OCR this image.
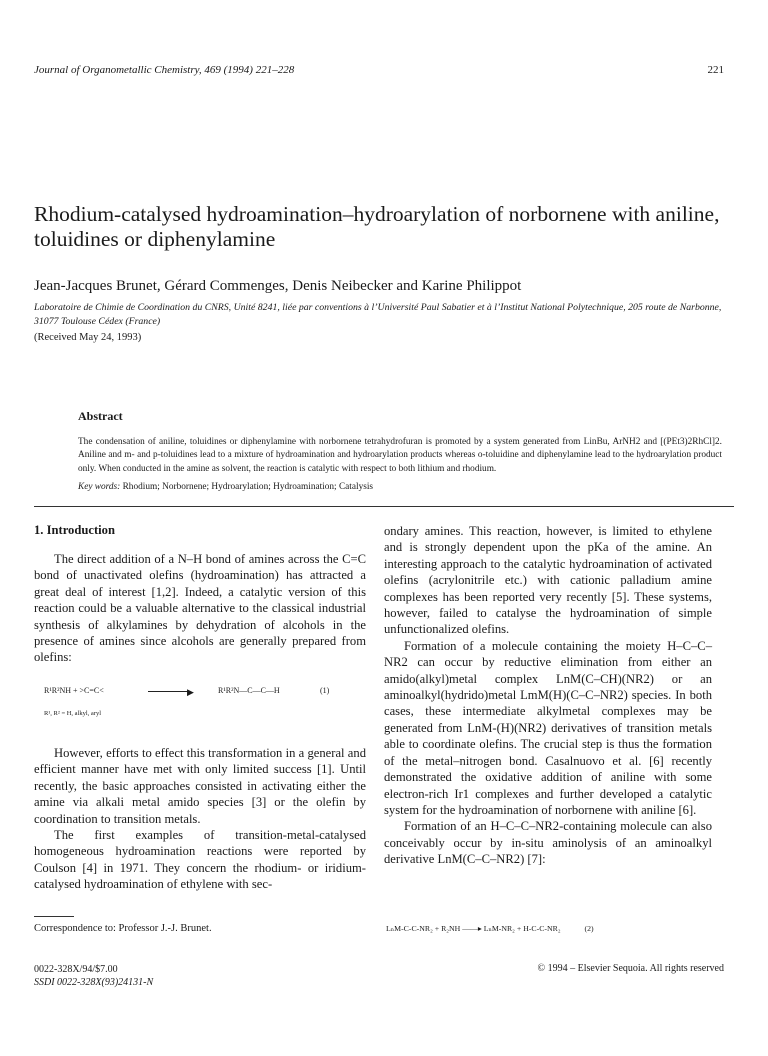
Journal of Organometallic Chemistry, 469 (1994) 221–228	221
Rhodium-catalysed hydroamination–hydroarylation of norbornene with aniline, toluidines or diphenylamine
Jean-Jacques Brunet, Gérard Commenges, Denis Neibecker and Karine Philippot
Laboratoire de Chimie de Coordination du CNRS, Unité 8241, liée par conventions à l’Université Paul Sabatier et à l’Institut National Polytechnique, 205 route de Narbonne, 31077 Toulouse Cédex (France)
(Received May 24, 1993)
Abstract
The condensation of aniline, toluidines or diphenylamine with norbornene tetrahydrofuran is promoted by a system generated from LinBu, ArNH2 and [(PEt3)2RhCl]2. Aniline and m- and p-toluidines lead to a mixture of hydroamination and hydroarylation products whereas o-toluidine and diphenylamine lead to the hydroarylation product only. When conducted in the amine as solvent, the reaction is catalytic with respect to both lithium and rhodium.
Key words: Rhodium; Norbornene; Hydroarylation; Hydroamination; Catalysis
1. Introduction

The direct addition of a N–H bond of amines across the C=C bond of unactivated olefins (hydroamination) has attracted a great deal of interest [1,2]. Indeed, a catalytic version of this reaction could be a valuable alternative to the classical industrial synthesis of alkylamines by dehydration of alcohols in the presence of amines since alcohols are generally prepared from olefins:

R¹R²NH + >C=C<	▶	R¹R²N—C—C—H	(1)
R¹, R² = H, alkyl, aryl

However, efforts to effect this transformation in a general and efficient manner have met with only limited success [1]. Until recently, the basic approaches consisted in activating either the amine via alkali metal amido species [3] or the olefin by coordination to transition metals.

The first examples of transition-metal-catalysed homogeneous hydroamination reactions were reported by Coulson [4] in 1971. They concern the rhodium- or iridium-catalysed hydroamination of ethylene with sec-

ondary amines. This reaction, however, is limited to ethylene and is strongly dependent upon the pKa of the amine. An interesting approach to the catalytic hydroamination of activated olefins (acrylonitrile etc.) with cationic palladium amine complexes has been reported very recently [5]. These systems, however, failed to catalyse the hydroamination of simple unfunctionalized olefins.

Formation of a molecule containing the moiety H–C–C–NR2 can occur by reductive elimination from either an amido(alkyl)metal complex LnM(C–CH)(NR2) or an aminoalkyl(hydrido)metal LmM(H)(C–C–NR2) species. In both cases, these intermediate alkylmetal complexes may be generated from LnM-(H)(NR2) derivatives of transition metals able to coordinate olefins. The crucial step is thus the formation of the metal–nitrogen bond. Casalnuovo et al. [6] recently demonstrated the oxidative addition of aniline with some electron-rich Ir1 complexes and further developed a catalytic system for the hydroamination of norbornene with aniline [6].

Formation of an H–C–C–NR2-containing molecule can also conceivably occur by in-situ aminolysis of an aminoalkyl derivative LnM(C–C–NR2) [7]:

Correspondence to: Professor J.-J. Brunet.	LₙM-C-C-NR₂ + R₂NH ——▸ LₙM-NR₂ + H-C-C-NR₂	(2)
0022-328X/94/$7.00
SSDI 0022-328X(93)24131-N
© 1994 – Elsevier Sequoia. All rights reserved
